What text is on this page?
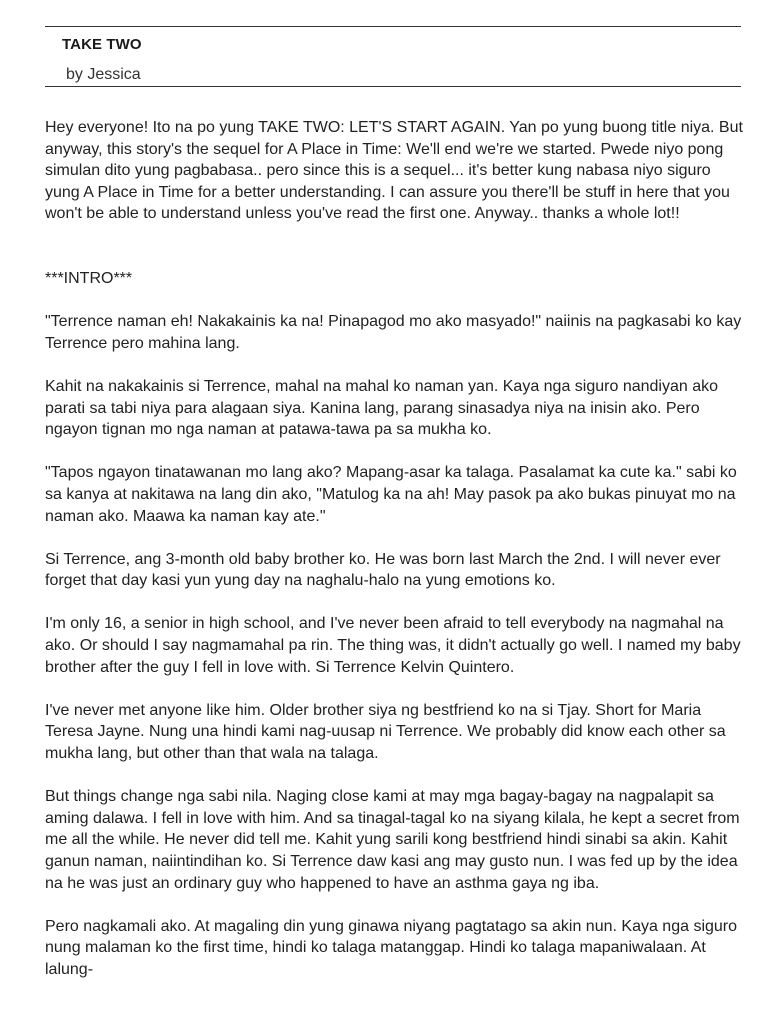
TAKE TWO
by Jessica

Hey everyone! Ito na po yung TAKE TWO: LET'S START AGAIN. Yan po yung buong title niya. But anyway, this story's the sequel for A Place in Time: We'll end we're we started. Pwede niyo pong simulan dito yung pagbabasa.. pero since this is a sequel... it's better kung nabasa niyo siguro yung A Place in Time for a better understanding. I can assure you there'll be stuff in here that you won't be able to understand unless you've read the first one. Anyway.. thanks a whole lot!!

***INTRO***

"Terrence naman eh! Nakakainis ka na! Pinapagod mo ako masyado!" naiinis na pagkasabi ko kay Terrence pero mahina lang.

Kahit na nakakainis si Terrence, mahal na mahal ko naman yan. Kaya nga siguro nandiyan ako parati sa tabi niya para alagaan siya. Kanina lang, parang sinasadya niya na inisin ako. Pero ngayon tignan mo nga naman at patawa-tawa pa sa mukha ko.

"Tapos ngayon tinatawanan mo lang ako? Mapang-asar ka talaga. Pasalamat ka cute ka." sabi ko sa kanya at nakitawa na lang din ako, "Matulog ka na ah! May pasok pa ako bukas pinuyat mo na naman ako. Maawa ka naman kay ate."

Si Terrence, ang 3-month old baby brother ko. He was born last March the 2nd. I will never ever forget that day kasi yun yung day na naghalu-halo na yung emotions ko.

I'm only 16, a senior in high school, and I've never been afraid to tell everybody na nagmahal na ako. Or should I say nagmamahal pa rin. The thing was, it didn't actually go well. I named my baby brother after the guy I fell in love with. Si Terrence Kelvin Quintero.

I've never met anyone like him. Older brother siya ng bestfriend ko na si Tjay. Short for Maria Teresa Jayne. Nung una hindi kami nag-uusap ni Terrence. We probably did know each other sa mukha lang, but other than that wala na talaga.

But things change nga sabi nila. Naging close kami at may mga bagay-bagay na nagpalapit sa aming dalawa. I fell in love with him. And sa tinagal-tagal ko na siyang kilala, he kept a secret from me all the while. He never did tell me. Kahit yung sarili kong bestfriend hindi sinabi sa akin. Kahit ganun naman, naiintindihan ko. Si Terrence daw kasi ang may gusto nun. I was fed up by the idea na he was just an ordinary guy who happened to have an asthma gaya ng iba.

Pero nagkamali ako. At magaling din yung ginawa niyang pagtatago sa akin nun. Kaya nga siguro nung malaman ko the first time, hindi ko talaga matanggap. Hindi ko talaga mapaniwalaan. At lalung-
